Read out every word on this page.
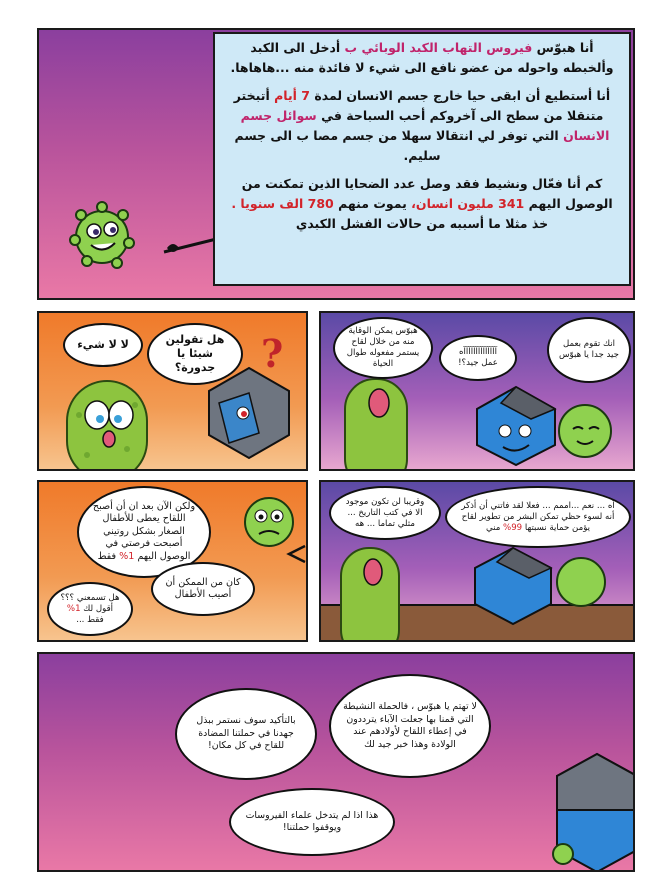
أنا هبوّس فيروس التهاب الكبد الوبائي ب أدخل الى الكبد وألخبطه واحوله من عضو نافع الى شيء لا فائدة منه ...هاهاها.

أنا أستطيع أن ابقى حيا خارج جسم الانسان لمدة 7 أيام أتبختر متنقلا من سطح الى آخروكم أحب السباحة في سوائل جسم الانسان التي توفر لي انتقالا سهلا من جسم مصا ب الى جسم سليم.

كم أنا فعّال ونشيط فقد وصل عدد الضحايا الذين تمكنت من الوصول اليهم 341 مليون انسان، يموت منهم 780 الف سنويا . خذ مثلا ما أسببه من حالات الفشل الكبدي

?
لا لا شيء	هل تقولين شيئا يا جدورة؟
هبوّس يمكن الوقاية منه من خلال لقاح يستمر مفعوله طوال الحياة
آآآآآآآآآآآآآآه عمل جيد؟!
انك تقوم بعمل جيد جدا يا هبوّس
ولكن الآن بعد ان أن أصبح اللقاح يعطى للأطفال الصغار بشكل روتيني أصبحت فرصتي في الوصول اليهم 1% فقط
كان من الممكن أن أصيب الأطفال
هل تسمعني ؟؟؟ أقول لك 1% فقط ...
وقريبا لن تكون موجود الا في كتب التاريخ ... مثلي تماما ... هه
آه ... نعم ...اممم ... فعلا لقد فاتني أن أذكر أنه لسوء حظي تمكن البشر من تطوير لقاح يؤمن حماية نسبتها 99% مني
لا تهتم يا هبوّس ، فالحملة النشيطة التي قمنا بها جعلت الآباء يترددون في إعطاء اللقاح لأولادهم عند الولادة وهذا خبر جيد لك
بالتأكيد سوف نستمر ببذل جهدنا في حملتنا المضادة للقاح في كل مكان!
هذا اذا لم يتدخل علماء الفيروسات ويوقفوا حملتنا!
